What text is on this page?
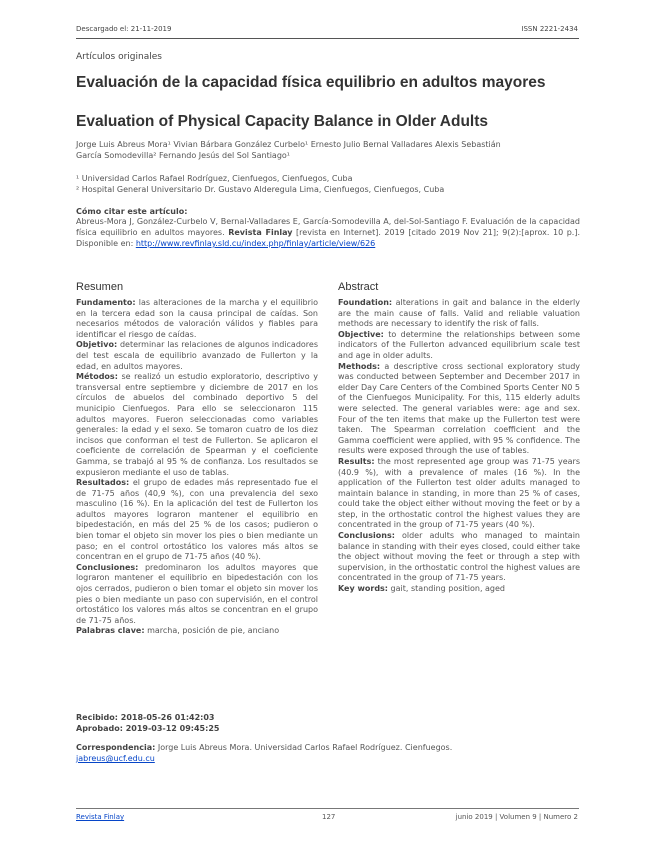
Descargado el: 21-11-2019	ISSN 2221-2434
Artículos originales
Evaluación de la capacidad física equilibrio en adultos mayores
Evaluation of Physical Capacity Balance in Older Adults
Jorge Luis Abreus Mora¹ Vivian Bárbara González Curbelo¹ Ernesto Julio Bernal Valladares Alexis Sebastián
García Somodevilla² Fernando Jesús del Sol Santiago¹
¹ Universidad Carlos Rafael Rodríguez, Cienfuegos, Cienfuegos, Cuba
² Hospital General Universitario Dr. Gustavo Alderegula Lima, Cienfuegos, Cienfuegos, Cuba
Cómo citar este artículo:
Abreus-Mora J, González-Curbelo V, Bernal-Valladares E, García-Somodevilla A, del-Sol-Santiago F. Evaluación de la capacidad física equilibrio en adultos mayores. Revista Finlay [revista en Internet]. 2019 [citado 2019 Nov 21]; 9(2):[aprox. 10 p.]. Disponible en: http://www.revfinlay.sld.cu/index.php/finlay/article/view/626
Resumen	Abstract

Fundamento: las alteraciones de la marcha y el equilibrio en la tercera edad son la causa principal de caídas. Son necesarios métodos de valoración válidos y fiables para identificar el riesgo de caídas.

Objetivo: determinar las relaciones de algunos indicadores del test escala de equilibrio avanzado de Fullerton y la edad, en adultos mayores.

Métodos: se realizó un estudio exploratorio, descriptivo y transversal entre septiembre y diciembre de 2017 en los círculos de abuelos del combinado deportivo 5 del municipio Cienfuegos. Para ello se seleccionaron 115 adultos mayores. Fueron seleccionadas como variables generales: la edad y el sexo. Se tomaron cuatro de los diez incisos que conforman el test de Fullerton. Se aplicaron el coeficiente de correlación de Spearman y el coeficiente Gamma, se trabajó al 95 % de confianza. Los resultados se expusieron mediante el uso de tablas.

Resultados: el grupo de edades más representado fue el de 71-75 años (40,9 %), con una prevalencia del sexo masculino (16 %). En la aplicación del test de Fullerton los adultos mayores lograron mantener el equilibrio en bipedestación, en más del 25 % de los casos; pudieron o bien tomar el objeto sin mover los pies o bien mediante un paso; en el control ortostático los valores más altos se concentran en el grupo de 71-75 años (40 %).

Conclusiones: predominaron los adultos mayores que lograron mantener el equilibrio en bipedestación con los ojos cerrados, pudieron o bien tomar el objeto sin mover los pies o bien mediante un paso con supervisión, en el control ortostático los valores más altos se concentran en el grupo de 71-75 años.

Palabras clave: marcha, posición de pie, anciano

Foundation: alterations in gait and balance in the elderly are the main cause of falls. Valid and reliable valuation methods are necessary to identify the risk of falls.

Objective: to determine the relationships between some indicators of the Fullerton advanced equilibrium scale test and age in older adults.

Methods: a descriptive cross sectional exploratory study was conducted between September and December 2017 in elder Day Care Centers of the Combined Sports Center N0 5 of the Cienfuegos Municipality. For this, 115 elderly adults were selected. The general variables were: age and sex. Four of the ten items that make up the Fullerton test were taken. The Spearman correlation coefficient and the Gamma coefficient were applied, with 95 % confidence. The results were exposed through the use of tables.

Results: the most represented age group was 71-75 years (40.9 %), with a prevalence of males (16 %). In the application of the Fullerton test older adults managed to maintain balance in standing, in more than 25 % of cases, could take the object either without moving the feet or by a step, in the orthostatic control the highest values they are concentrated in the group of 71-75 years (40 %).

Conclusions: older adults who managed to maintain balance in standing with their eyes closed, could either take the object without moving the feet or through a step with supervision, in the orthostatic control the highest values are concentrated in the group of 71-75 years.

Key words: gait, standing position, aged

Recibido: 2018-05-26 01:42:03
Aprobado: 2019-03-12 09:45:25
Correspondencia: Jorge Luis Abreus Mora. Universidad Carlos Rafael Rodríguez. Cienfuegos.
jabreus@ucf.edu.cu
Revista Finlay	127	junio 2019 | Volumen 9 | Numero 2
